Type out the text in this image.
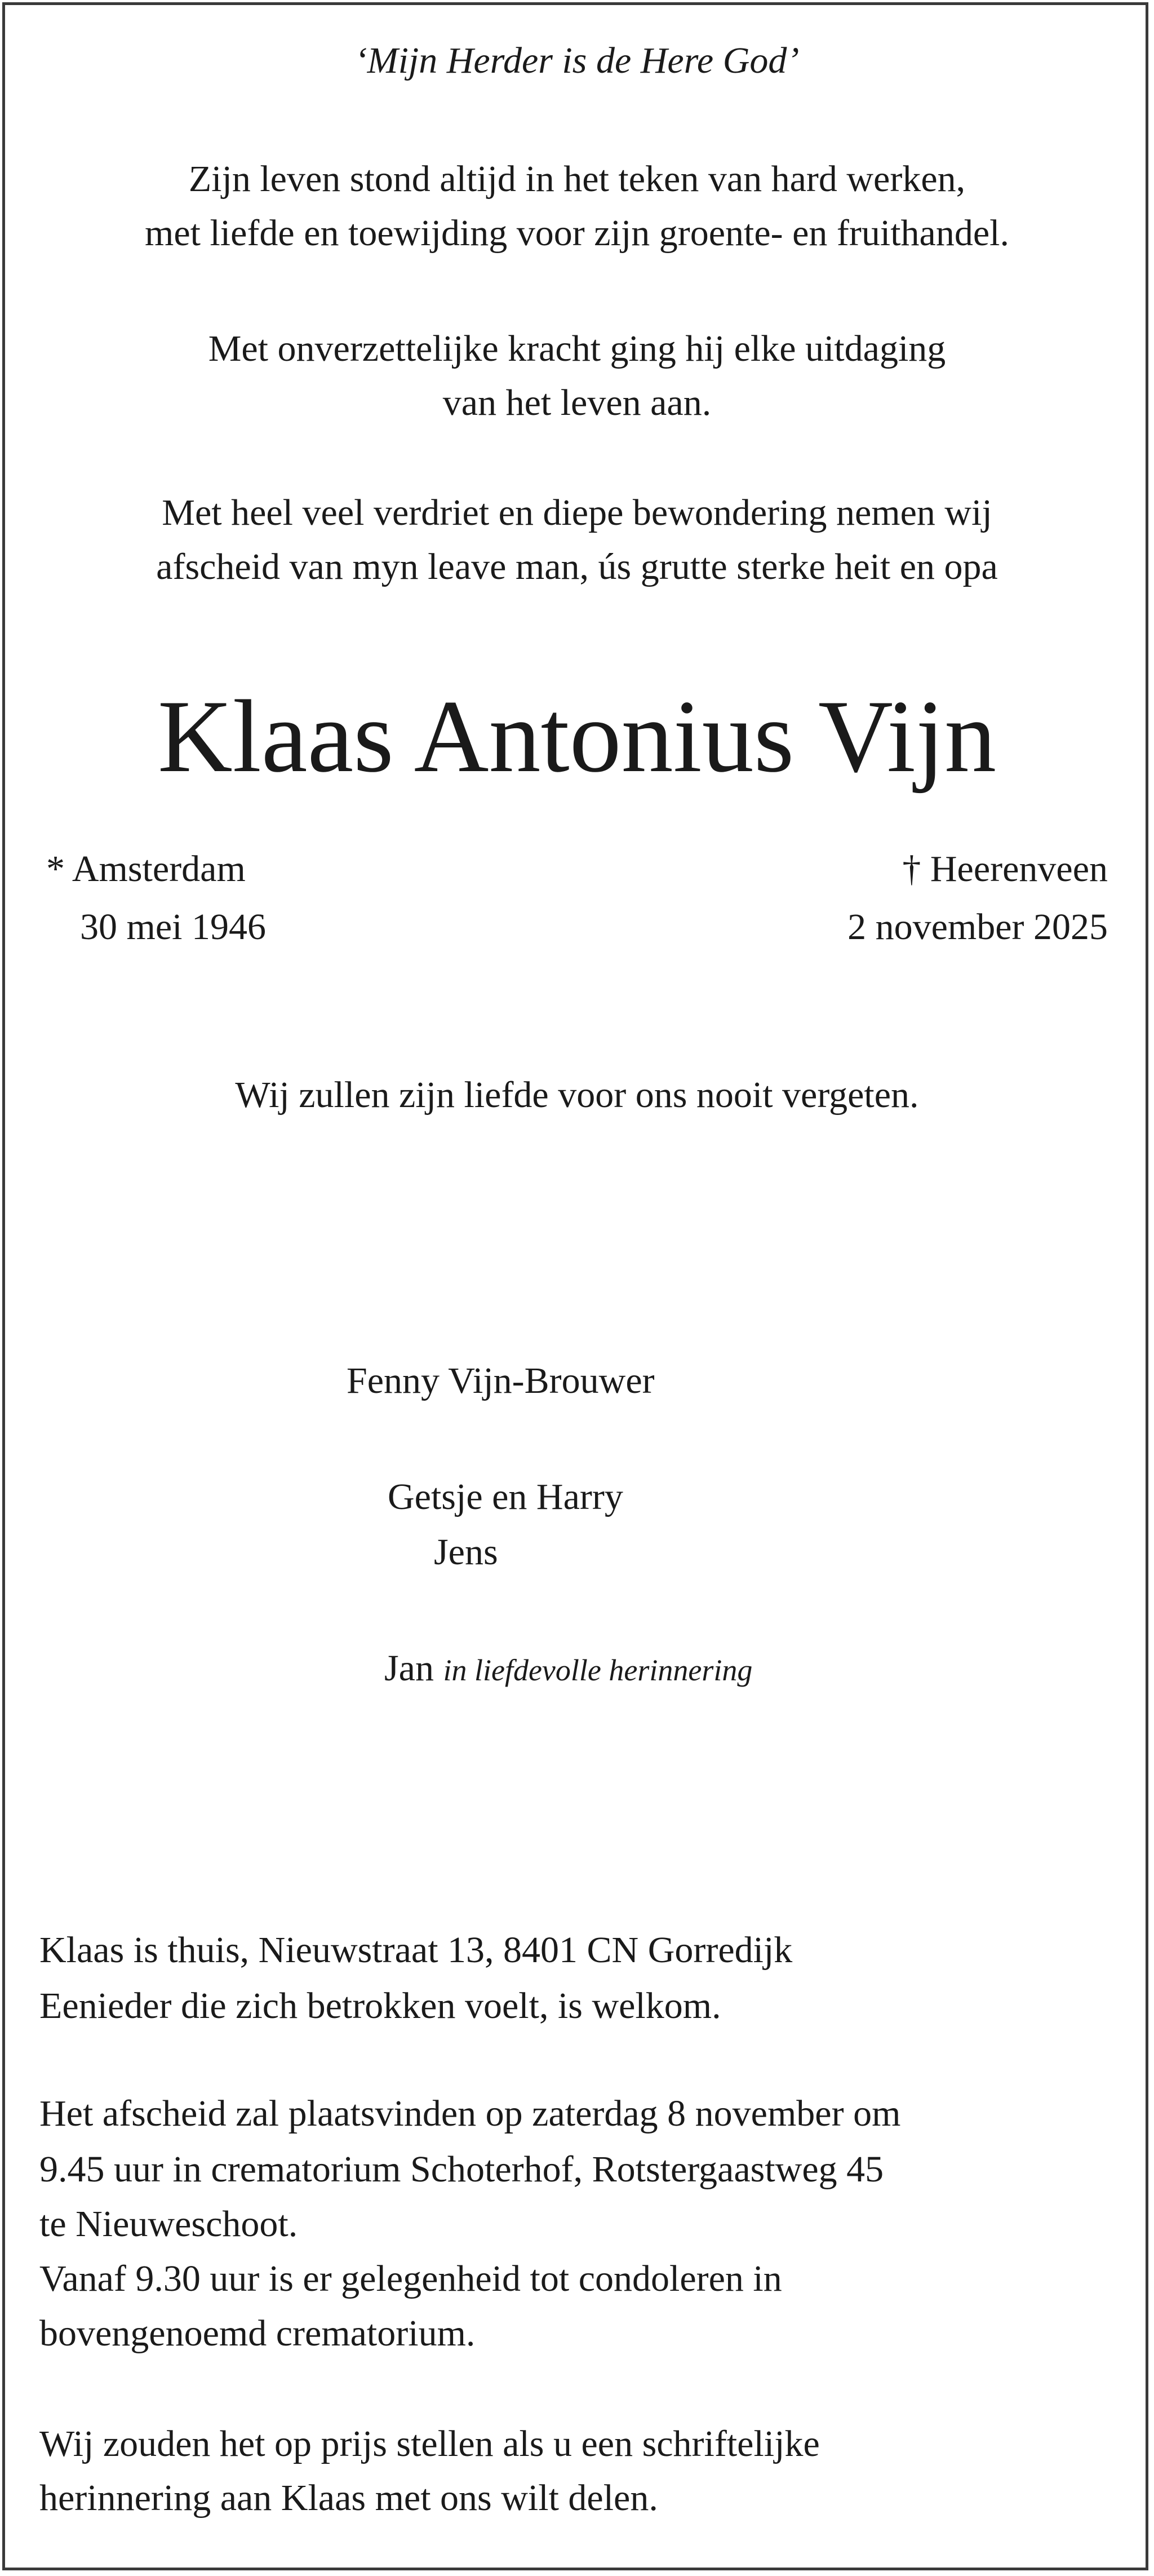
‘Mijn Herder is de Here God’

Zijn leven stond altijd in het teken van hard werken,

met liefde en toewijding voor zijn groente- en fruithandel.

Met onverzettelijke kracht ging hij elke uitdaging

van het leven aan.

Met heel veel verdriet en diepe bewondering nemen wij

afscheid van myn leave man, ús grutte sterke heit en opa

Klaas Antonius Vijn

* Amsterdam

30 mei 1946

† Heerenveen

2 november 2025

Wij zullen zijn liefde voor ons nooit vergeten.

Fenny Vijn-Brouwer

Getsje en Harry

Jens

Jan in liefdevolle herinnering

Klaas is thuis, Nieuwstraat 13, 8401 CN Gorredijk

Eenieder die zich betrokken voelt, is welkom.

Het afscheid zal plaatsvinden op zaterdag 8 november om

9.45 uur in crematorium Schoterhof, Rotstergaastweg 45

te Nieuweschoot.

Vanaf 9.30 uur is er gelegenheid tot condoleren in

bovengenoemd crematorium.

Wij zouden het op prijs stellen als u een schriftelijke

herinnering aan Klaas met ons wilt delen.
